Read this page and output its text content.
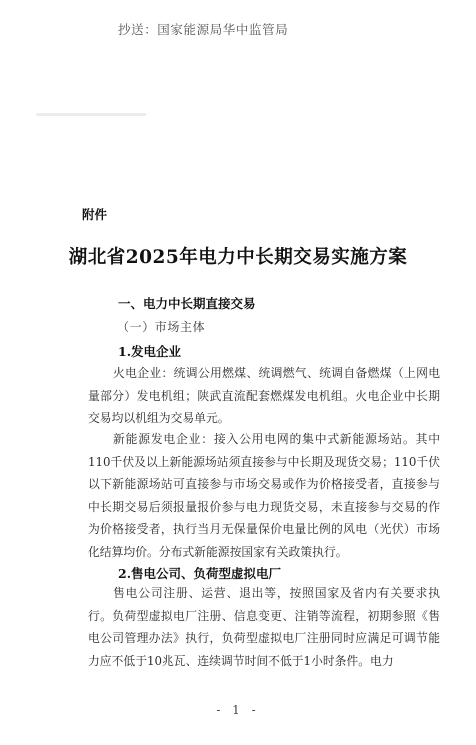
抄送：国家能源局华中监管局
附件
湖北省2025年电力中长期交易实施方案
一、电力中长期直接交易
（一）市场主体
1.发电企业

火电企业：统调公用燃煤、统调燃气、统调自备燃煤（上网电量部分）发电机组；陕武直流配套燃煤发电机组。火电企业中长期交易均以机组为交易单元。

新能源发电企业：接入公用电网的集中式新能源场站。其中110千伏及以上新能源场站须直接参与中长期及现货交易；110千伏以下新能源场站可直接参与市场交易或作为价格接受者，直接参与中长期交易后须报量报价参与电力现货交易，未直接参与交易的作为价格接受者，执行当月无保量保价电量比例的风电（光伏）市场化结算均价。分布式新能源按国家有关政策执行。

2.售电公司、负荷型虚拟电厂

售电公司注册、运营、退出等，按照国家及省内有关要求执行。负荷型虚拟电厂注册、信息变更、注销等流程，初期参照《售电公司管理办法》执行，负荷型虚拟电厂注册同时应满足可调节能力应不低于10兆瓦、连续调节时间不低于1小时条件。电力

- 1 -
